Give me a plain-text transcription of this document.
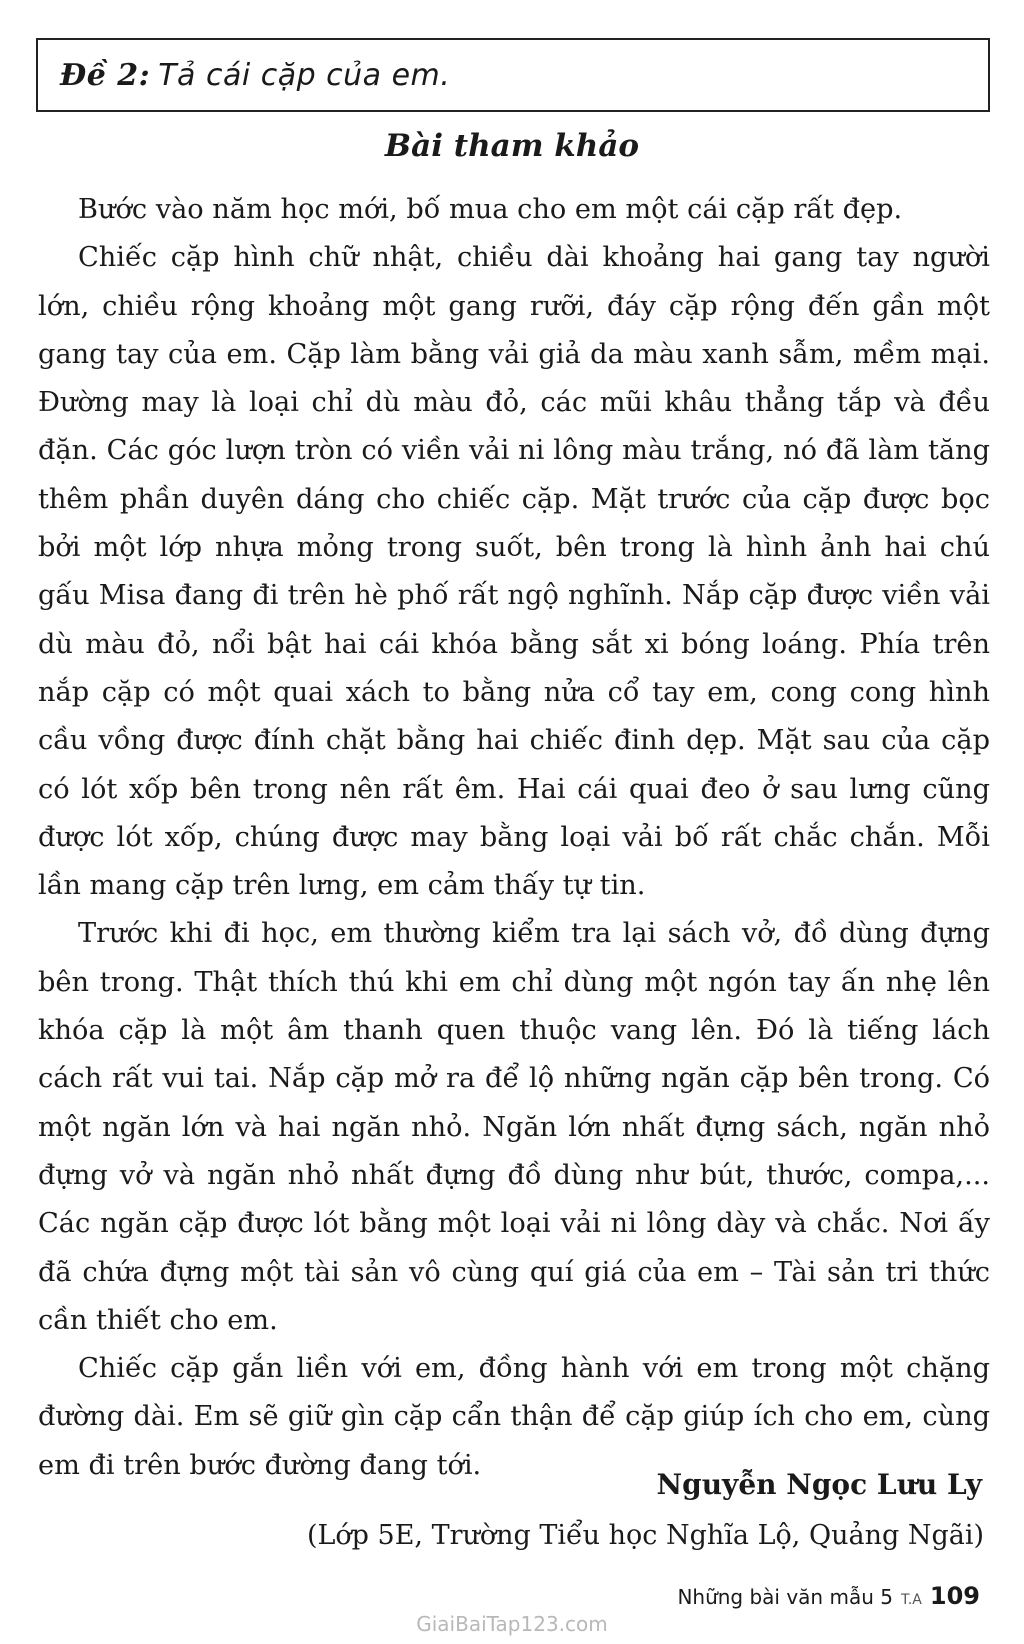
Đề 2: Tả cái cặp của em.
Bài tham khảo

Bước vào năm học mới, bố mua cho em một cái cặp rất đẹp.

Chiếc cặp hình chữ nhật, chiều dài khoảng hai gang tay người lớn, chiều rộng khoảng một gang rưỡi, đáy cặp rộng đến gần một gang tay của em. Cặp làm bằng vải giả da màu xanh sẫm, mềm mại. Đường may là loại chỉ dù màu đỏ, các mũi khâu thẳng tắp và đều đặn. Các góc lượn tròn có viền vải ni lông màu trắng, nó đã làm tăng thêm phần duyên dáng cho chiếc cặp. Mặt trước của cặp được bọc bởi một lớp nhựa mỏng trong suốt, bên trong là hình ảnh hai chú gấu Misa đang đi trên hè phố rất ngộ nghĩnh. Nắp cặp được viền vải dù màu đỏ, nổi bật hai cái khóa bằng sắt xi bóng loáng. Phía trên nắp cặp có một quai xách to bằng nửa cổ tay em, cong cong hình cầu vồng được đính chặt bằng hai chiếc đinh dẹp. Mặt sau của cặp có lót xốp bên trong nên rất êm. Hai cái quai đeo ở sau lưng cũng được lót xốp, chúng được may bằng loại vải bố rất chắc chắn. Mỗi lần mang cặp trên lưng, em cảm thấy tự tin.

Trước khi đi học, em thường kiểm tra lại sách vở, đồ dùng đựng bên trong. Thật thích thú khi em chỉ dùng một ngón tay ấn nhẹ lên khóa cặp là một âm thanh quen thuộc vang lên. Đó là tiếng lách cách rất vui tai. Nắp cặp mở ra để lộ những ngăn cặp bên trong. Có một ngăn lớn và hai ngăn nhỏ. Ngăn lớn nhất đựng sách, ngăn nhỏ đựng vở và ngăn nhỏ nhất đựng đồ dùng như bút, thước, compa,... Các ngăn cặp được lót bằng một loại vải ni lông dày và chắc. Nơi ấy đã chứa đựng một tài sản vô cùng quí giá của em – Tài sản tri thức cần thiết cho em.

Chiếc cặp gắn liền với em, đồng hành với em trong một chặng đường dài. Em sẽ giữ gìn cặp cẩn thận để cặp giúp ích cho em, cùng em đi trên bước đường đang tới.

Nguyễn Ngọc Lưu Ly
(Lớp 5E, Trường Tiểu học Nghĩa Lộ, Quảng Ngãi)
Những bài văn mẫu 5 T.A 109
GiaiBaiTap123.com
